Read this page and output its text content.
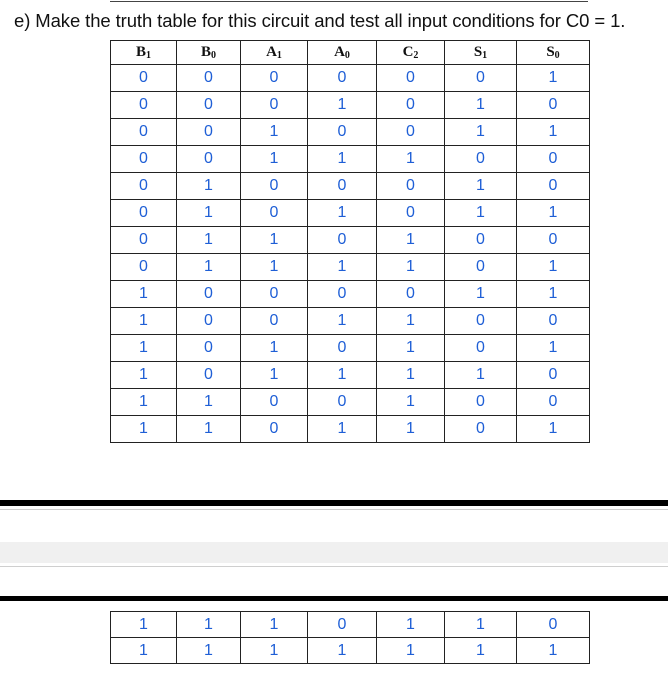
e) Make the truth table for this circuit and test all input conditions for C0 = 1.
$B_1$	$B_0$	$A_1$	$A_0$	$C_2$	$S_1$	$S_0$
0	0	0	0	0	0	1
0	0	0	1	0	1	0
0	0	1	0	0	1	1
0	0	1	1	1	0	0
0	1	0	0	0	1	0
0	1	0	1	0	1	1
0	1	1	0	1	0	0
0	1	1	1	1	0	1
1	0	0	0	0	1	1
1	0	0	1	1	0	0
1	0	1	0	1	0	1
1	0	1	1	1	1	0
1	1	0	0	1	0	0
1	1	0	1	1	0	1
1	1	1	0	1	1	0
1	1	1	1	1	1	1
